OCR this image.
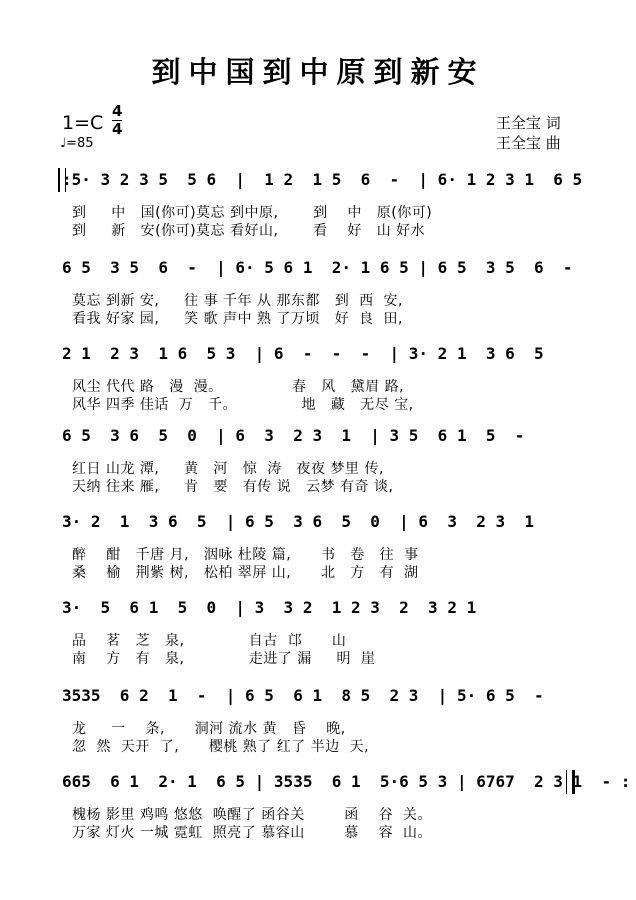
到中国到中原到新安
1=C
4
4
♩=85
王全宝 词
王全宝 曲
:5· 3 2 3 5  5 6  |  1 2  1 5  6  -  | 6· 1 2 3 1  6 5
到     中   国(你可)莫忘 到中原,       到    中   原(你可)
到     新   安(你可)莫忘 看好山,       看    好   山 好水
6 5  3 5  6  -  | 6· 5 6 1  2· 1 6 5 | 6 5  3 5  6  -
莫忘 到新 安,     往 事 千年 从 那东都   到  西  安,
看我 好家 园,     笑 歌 声中 熟 了万顷   好  良  田,
2 1  2 3  1 6  5 3  | 6  -  -  -  | 3· 2 1  3 6  5
风尘 代代 路   漫  漫。              春   风   黛眉 路,
风华 四季 佳话  万   千。             地   藏   无尽 宝,
6 5  3 6  5  0  | 6  3  2 3  1  | 3 5  6 1  5  -
红日 山龙 潭,     黄   河   惊  涛   夜夜 梦里 传,
天纳 往来 雁,     肯   要   有传 说   云梦 有奇 谈,
3· 2  1  3 6  5  | 6 5  3 6  5  0  | 6  3  2 3  1
醉    酣   千唐 月,   洇咏 杜陵 篇,      书   卷   往  事
桑    榆   荆紫 树,   松柏 翠屏 山,      北   方   有  湖
3·  5  6 1  5  0  | 3  3 2  1 2 3  2  3 2 1
品    茗   芝   泉,             自古  邙      山
南    方   有   泉,             走进了 漏     明  崖
3535  6 2  1  -  | 6 5  6 1  8 5  2 3  | 5· 6 5  -
龙     一    条,      洞河 流水 黄   昏    晚,
忽  然  天开  了,      樱桃 熟了 红了 半边  天,
665  6 1  2· 1  6 5 | 3535  6 1  5·6 5 3 | 6767  2 3 1  - :
槐杨 影里 鸡鸣 悠悠  唤醒了 函谷关        函    谷  关。
万家 灯火 一城 霓虹  照亮了 慕容山        慕    容  山。
